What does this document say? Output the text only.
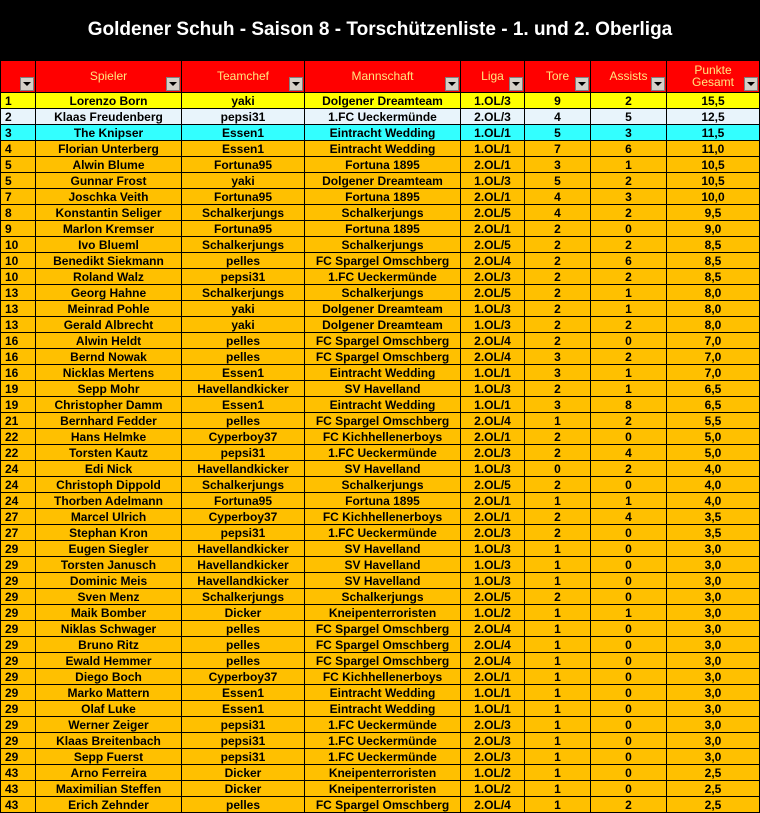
Goldener Schuh - Saison 8 - Torschützenliste - 1. und 2. Oberliga
	Spieler	Teamchef	Mannschaft	Liga	Tore	Assists	Punkte Gesamt

1	Lorenzo Born	yaki	Dolgener Dreamteam	1.OL/3	9	2	15,5
2	Klaas Freudenberg	pepsi31	1.FC Ueckermünde	2.OL/3	4	5	12,5
3	The Knipser	Essen1	Eintracht Wedding	1.OL/1	5	3	11,5
4	Florian Unterberg	Essen1	Eintracht Wedding	1.OL/1	7	6	11,0
5	Alwin Blume	Fortuna95	Fortuna 1895	2.OL/1	3	1	10,5
5	Gunnar Frost	yaki	Dolgener Dreamteam	1.OL/3	5	2	10,5
7	Joschka Veith	Fortuna95	Fortuna 1895	2.OL/1	4	3	10,0
8	Konstantin Seliger	Schalkerjungs	Schalkerjungs	2.OL/5	4	2	9,5
9	Marlon Kremser	Fortuna95	Fortuna 1895	2.OL/1	2	0	9,0
10	Ivo Blueml	Schalkerjungs	Schalkerjungs	2.OL/5	2	2	8,5
10	Benedikt Siekmann	pelles	FC Spargel Omschberg	2.OL/4	2	6	8,5
10	Roland Walz	pepsi31	1.FC Ueckermünde	2.OL/3	2	2	8,5
13	Georg Hahne	Schalkerjungs	Schalkerjungs	2.OL/5	2	1	8,0
13	Meinrad Pohle	yaki	Dolgener Dreamteam	1.OL/3	2	1	8,0
13	Gerald Albrecht	yaki	Dolgener Dreamteam	1.OL/3	2	2	8,0
16	Alwin Heldt	pelles	FC Spargel Omschberg	2.OL/4	2	0	7,0
16	Bernd Nowak	pelles	FC Spargel Omschberg	2.OL/4	3	2	7,0
16	Nicklas Mertens	Essen1	Eintracht Wedding	1.OL/1	3	1	7,0
19	Sepp Mohr	Havellandkicker	SV Havelland	1.OL/3	2	1	6,5
19	Christopher Damm	Essen1	Eintracht Wedding	1.OL/1	3	8	6,5
21	Bernhard Fedder	pelles	FC Spargel Omschberg	2.OL/4	1	2	5,5
22	Hans Helmke	Cyperboy37	FC Kichhellenerboys	2.OL/1	2	0	5,0
22	Torsten Kautz	pepsi31	1.FC Ueckermünde	2.OL/3	2	4	5,0
24	Edi Nick	Havellandkicker	SV Havelland	1.OL/3	0	2	4,0
24	Christoph Dippold	Schalkerjungs	Schalkerjungs	2.OL/5	2	0	4,0
24	Thorben Adelmann	Fortuna95	Fortuna 1895	2.OL/1	1	1	4,0
27	Marcel Ulrich	Cyperboy37	FC Kichhellenerboys	2.OL/1	2	4	3,5
27	Stephan Kron	pepsi31	1.FC Ueckermünde	2.OL/3	2	0	3,5
29	Eugen Siegler	Havellandkicker	SV Havelland	1.OL/3	1	0	3,0
29	Torsten Janusch	Havellandkicker	SV Havelland	1.OL/3	1	0	3,0
29	Dominic Meis	Havellandkicker	SV Havelland	1.OL/3	1	0	3,0
29	Sven Menz	Schalkerjungs	Schalkerjungs	2.OL/5	2	0	3,0
29	Maik Bomber	Dicker	Kneipenterroristen	1.OL/2	1	1	3,0
29	Niklas Schwager	pelles	FC Spargel Omschberg	2.OL/4	1	0	3,0
29	Bruno Ritz	pelles	FC Spargel Omschberg	2.OL/4	1	0	3,0
29	Ewald Hemmer	pelles	FC Spargel Omschberg	2.OL/4	1	0	3,0
29	Diego Boch	Cyperboy37	FC Kichhellenerboys	2.OL/1	1	0	3,0
29	Marko Mattern	Essen1	Eintracht Wedding	1.OL/1	1	0	3,0
29	Olaf Luke	Essen1	Eintracht Wedding	1.OL/1	1	0	3,0
29	Werner Zeiger	pepsi31	1.FC Ueckermünde	2.OL/3	1	0	3,0
29	Klaas Breitenbach	pepsi31	1.FC Ueckermünde	2.OL/3	1	0	3,0
29	Sepp Fuerst	pepsi31	1.FC Ueckermünde	2.OL/3	1	0	3,0
43	Arno Ferreira	Dicker	Kneipenterroristen	1.OL/2	1	0	2,5
43	Maximilian Steffen	Dicker	Kneipenterroristen	1.OL/2	1	0	2,5
43	Erich Zehnder	pelles	FC Spargel Omschberg	2.OL/4	1	2	2,5
